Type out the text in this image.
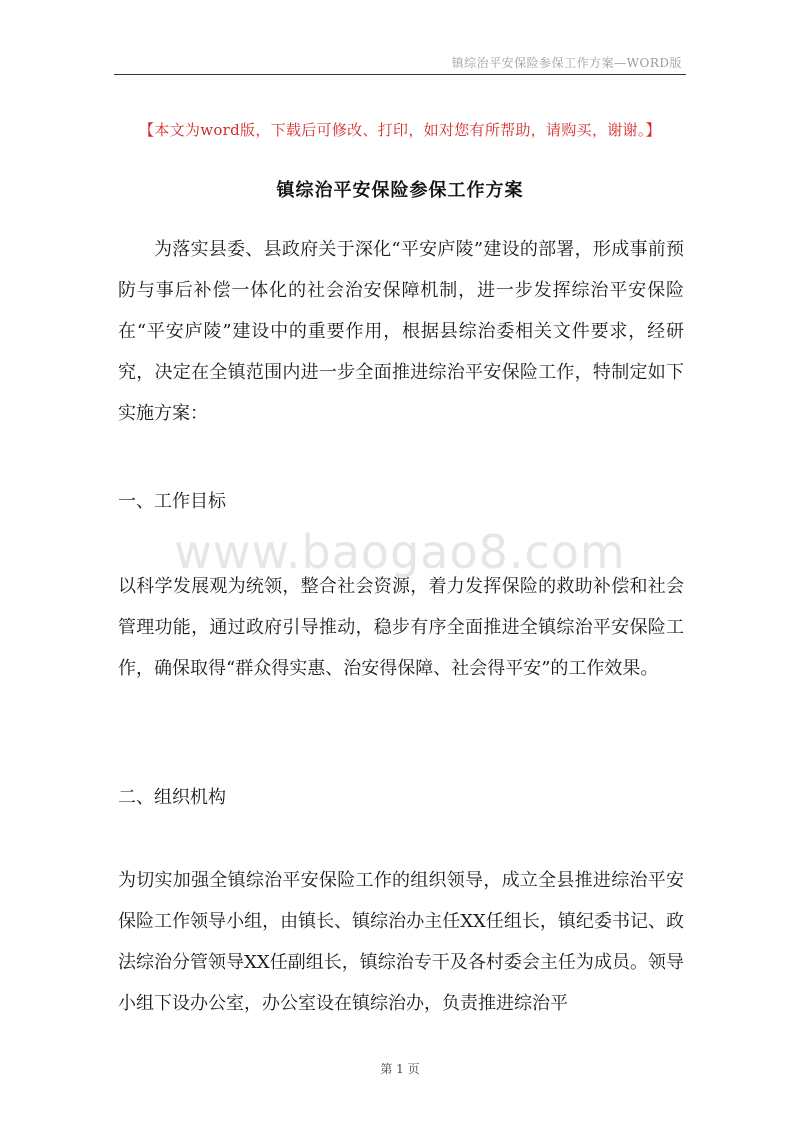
镇综治平安保险参保工作方案—WORD版
【本文为word版，下载后可修改、打印，如对您有所帮助，请购买，谢谢。】
镇综治平安保险参保工作方案
为落实县委、县政府关于深化“平安庐陵”建设的部署，形成事前预防与事后补偿一体化的社会治安保障机制，进一步发挥综治平安保险在“平安庐陵”建设中的重要作用，根据县综治委相关文件要求，经研究，决定在全镇范围内进一步全面推进综治平安保险工作，特制定如下实施方案：
一、工作目标
www.baogao8.com
以科学发展观为统领，整合社会资源，着力发挥保险的救助补偿和社会管理功能，通过政府引导推动，稳步有序全面推进全镇综治平安保险工作，确保取得“群众得实惠、治安得保障、社会得平安”的工作效果。
二、组织机构
为切实加强全镇综治平安保险工作的组织领导，成立全县推进综治平安保险工作领导小组，由镇长、镇综治办主任XX任组长，镇纪委书记、政法综治分管领导XX任副组长，镇综治专干及各村委会主任为成员。领导小组下设办公室，办公室设在镇综治办，负责推进综治平
第 1 页
